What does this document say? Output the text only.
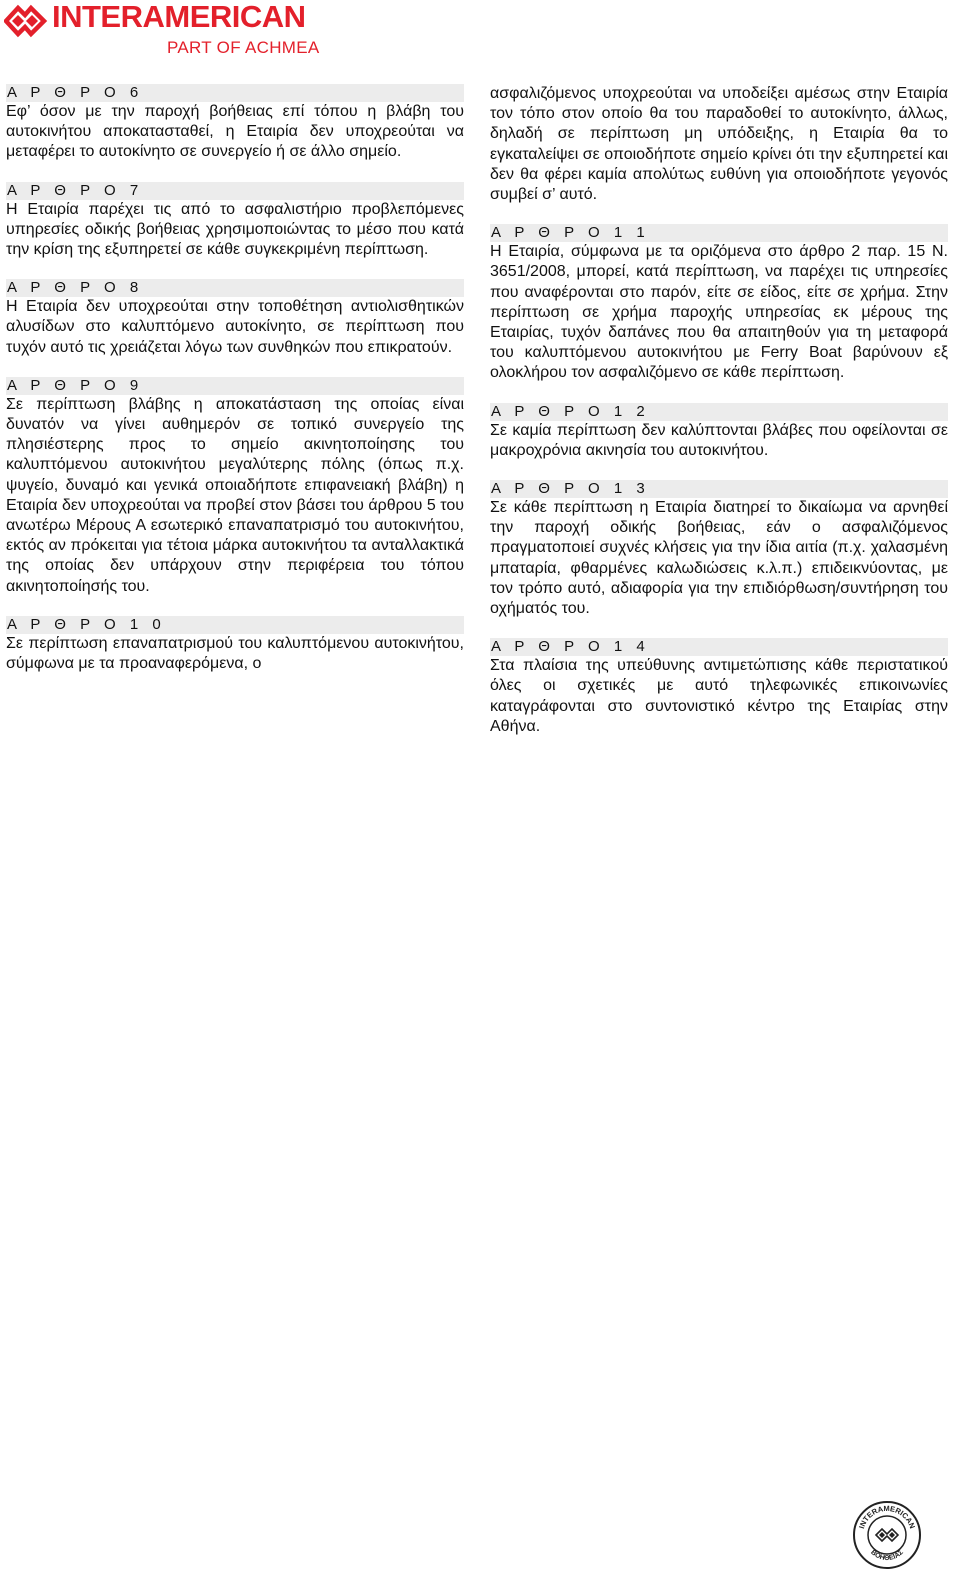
INTERAMERICAN
PART OF ACHMEA
Α Ρ Θ Ρ Ο 6

Εφ’ όσον με την παροχή βοήθειας επί τόπου η βλάβη του αυτοκινήτου αποκατασταθεί, η Εταιρία δεν υποχρεούται να μεταφέρει το αυτοκίνητο σε συνεργείο ή σε άλλο σημείο.

Α Ρ Θ Ρ Ο 7

Η Εταιρία παρέχει τις από το ασφαλιστήριο προβλεπόμενες υπηρεσίες οδικής βοήθειας χρησιμοποιώντας το μέσο που κατά την κρίση της εξυπηρετεί σε κάθε συγκεκριμένη περίπτωση.

Α Ρ Θ Ρ Ο 8

Η Εταιρία δεν υποχρεούται στην τοποθέτηση αντιολισθητικών αλυσίδων στο καλυπτόμενο αυτοκίνητο, σε περίπτωση που τυχόν αυτό τις χρειάζεται λόγω των συνθηκών που επικρατούν.

Α Ρ Θ Ρ Ο 9

Σε περίπτωση βλάβης η αποκατάσταση της οποίας είναι δυνατόν να γίνει αυθημερόν σε τοπικό συνεργείο της πλησιέστερης προς το σημείο ακινητοποίησης του καλυπτόμενου αυτοκινήτου μεγαλύτερης πόλης (όπως π.χ. ψυγείο, δυναμό και γενικά οποιαδήποτε επιφανειακή βλάβη) η Εταιρία δεν υποχρεούται να προβεί στον βάσει του άρθρου 5 του ανωτέρω Μέρους Α εσωτερικό επαναπατρισμό του αυτοκινήτου, εκτός αν πρόκειται για τέτοια μάρκα αυτοκινήτου τα ανταλλακτικά της οποίας δεν υπάρχουν στην περιφέρεια του τόπου ακινητοποίησής του.

Α Ρ Θ Ρ Ο 1 0

Σε περίπτωση επαναπατρισμού του καλυπτόμενου αυτοκινήτου, σύμφωνα με τα προαναφερόμενα, ο

ασφαλιζόμενος υποχρεούται να υποδείξει αμέσως στην Εταιρία τον τόπο στον οποίο θα του παραδοθεί το αυτοκίνητο, άλλως, δηλαδή σε περίπτωση μη υπόδειξης, η Εταιρία θα το εγκαταλείψει σε οποιοδήποτε σημείο κρίνει ότι την εξυπηρετεί και δεν θα φέρει καμία απολύτως ευθύνη για οποιοδήποτε γεγονός συμβεί σ’ αυτό.

Α Ρ Θ Ρ Ο 1 1

Η Εταιρία, σύμφωνα με τα οριζόμενα στο άρθρο 2 παρ. 15 Ν. 3651/2008, μπορεί, κατά περίπτωση, να παρέχει τις υπηρεσίες που αναφέρονται στο παρόν, είτε σε είδος, είτε σε χρήμα. Στην περίπτωση σε χρήμα παροχής υπηρεσίας εκ μέρους της Εταιρίας, τυχόν δαπάνες που θα απαιτηθούν για τη μεταφορά του καλυπτόμενου αυτοκινήτου με Ferry Boat βαρύνουν εξ ολοκλήρου τον ασφαλιζόμενο σε κάθε περίπτωση.

Α Ρ Θ Ρ Ο 1 2

Σε καμία περίπτωση δεν καλύπτονται βλάβες που οφείλονται σε μακροχρόνια ακινησία του αυτοκινήτου.

Α Ρ Θ Ρ Ο 1 3

Σε κάθε περίπτωση η Εταιρία διατηρεί το δικαίωμα να αρνηθεί την παροχή οδικής βοήθειας, εάν ο ασφαλιζόμενος πραγματοποιεί συχνές κλήσεις για την ίδια αιτία (π.χ. χαλασμένη μπαταρία, φθαρμένες καλωδιώσεις κ.λ.π.) επιδεικνύοντας, με τον τρόπο αυτό, αδιαφορία για την επιδιόρθωση/συντήρηση του οχήματός του.

Α Ρ Θ Ρ Ο 1 4

Στα πλαίσια της υπεύθυνης αντιμετώπισης κάθε περιστατικού όλες οι σχετικές με αυτό τηλεφωνικές επικοινωνίες καταγράφονται στο συντονιστικό κέντρο της Εταιρίας στην Αθήνα.

INTERAMERICAN
ΒΟΗΘΕΙΑΣ
